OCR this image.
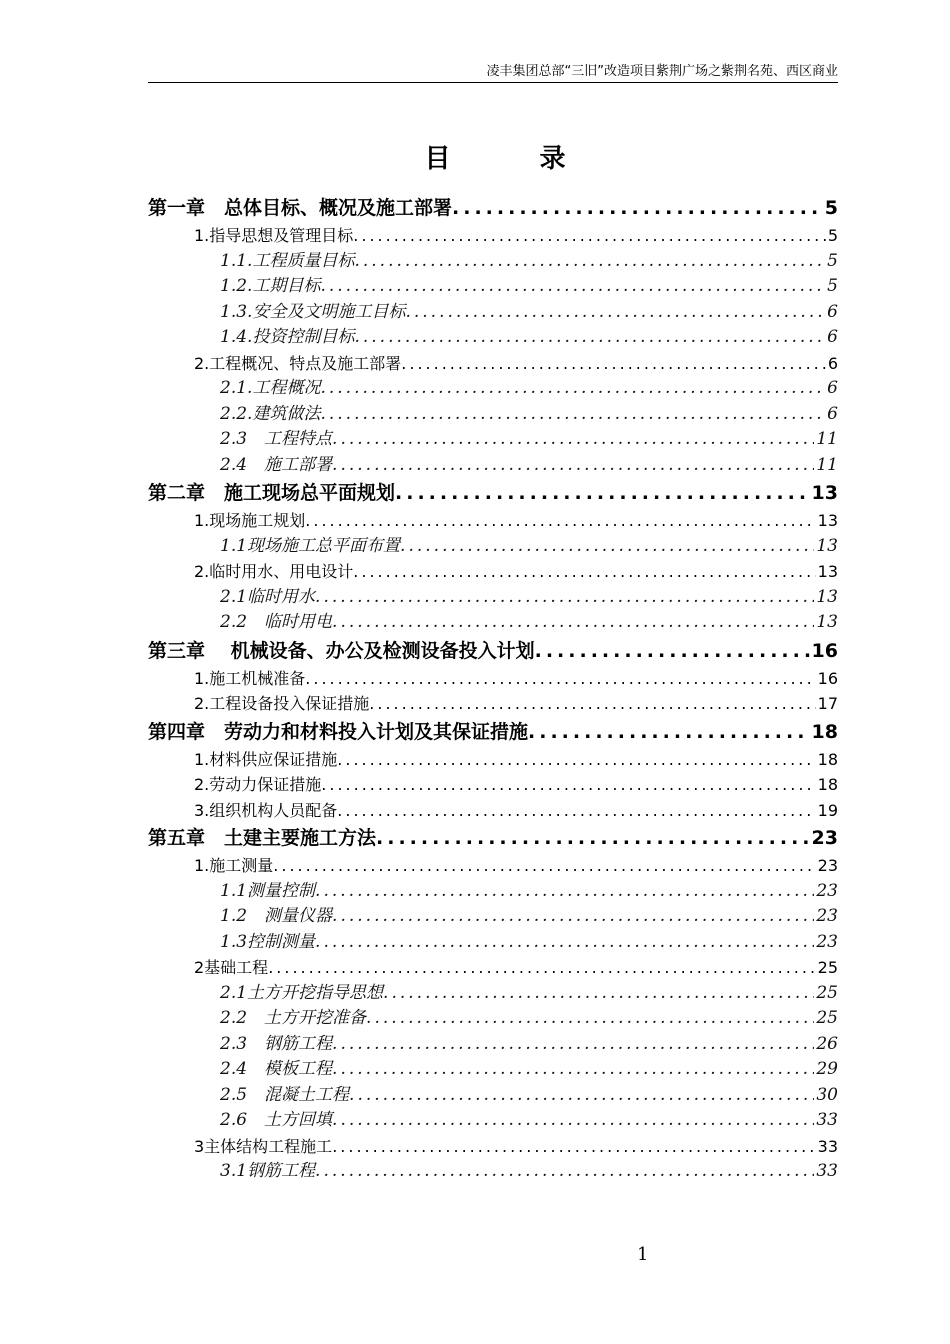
凌丰集团总部“三旧”改造项目紫荆广场之紫荆名苑、西区商业
目 录
第一章　总体目标、概况及施工部署 .....	5
1.指导思想及管理目标 .....	5
1.1.工程质量目标 .....	5
1.2.工期目标 .....	5
1.3.安全及文明施工目标 .....	6
1.4.投资控制目标 .....	6
2.工程概况、特点及施工部署 .....	6
2.1.工程概况 .....	6
2.2.建筑做法 .....	6
2.3　工程特点 .....	11
2.4　施工部署 .....	11
第二章　施工现场总平面规划 .....	13
1.现场施工规划 .....	13
1.1现场施工总平面布置 .....	13
2.临时用水、用电设计 .....	13
2.1临时用水 .....	13
2.2　临时用电 .....	13
第三章　 机械设备、办公及检测设备投入计划 .....	16
1.施工机械准备 .....	16
2.工程设备投入保证措施 .....	17
第四章　劳动力和材料投入计划及其保证措施 .....	18
1.材料供应保证措施 .....	18
2.劳动力保证措施 .....	18
3.组织机构人员配备 .....	19
第五章　土建主要施工方法 .....	23
1.施工测量 .....	23
1.1测量控制 .....	23
1.2　测量仪器 .....	23
1.3控制测量 .....	23
2基础工程 .....	25
2.1土方开挖指导思想 .....	25
2.2　土方开挖准备 .....	25
2.3　钢筋工程 .....	26
2.4　模板工程 .....	29
2.5　混凝土工程 .....	30
2.6　土方回填 .....	33
3主体结构工程施工 .....	33
3.1钢筋工程 .....	33
1
